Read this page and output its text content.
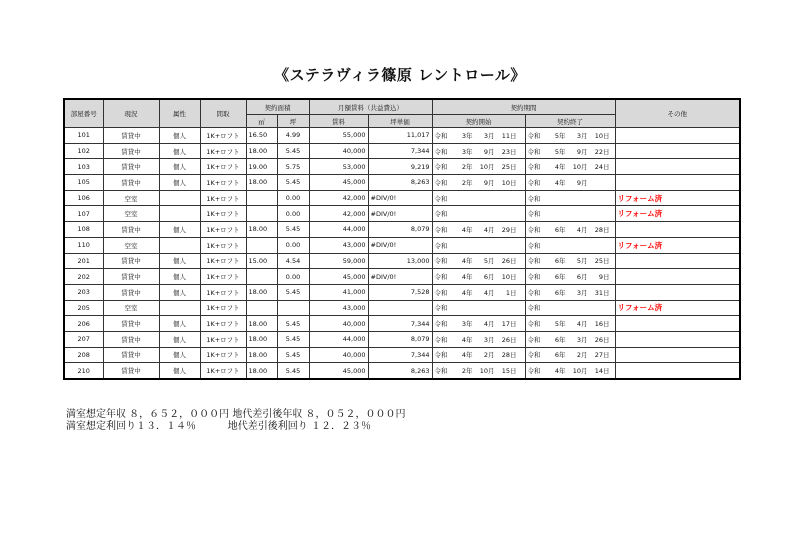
《ステラヴィラ篠原 レントロール》
部屋番号	現況	属性	間取	契約面積		月額賃料（共益費込）		契約期間		その他
				㎡	坪	賃料	坪単価	契約開始	契約終了	
101	賃貸中	個人	1K+ロフト	16.50	4.99	55,000	11,017	令和 3年 3月 11日	令和 5年 3月 10日	

102	賃貸中	個人	1K+ロフト	18.00	5.45	40,000	7,344	令和 3年 9月 23日	令和 5年 9月 22日	

103	賃貸中	個人	1K+ロフト	19.00	5.75	53,000	9,219	令和 2年 10月 25日	令和 4年 10月 24日	

105	賃貸中	個人	1K+ロフト	18.00	5.45	45,000	8,263	令和 2年 9月 10日	令和 4年 9月	

106	空室		1K+ロフト		0.00	42,000	#DIV/0!	令和	令和	リフォーム済
107	空室		1K+ロフト		0.00	42,000	#DIV/0!	令和	令和	リフォーム済
108	賃貸中	個人	1K+ロフト	18.00	5.45	44,000	8,079	令和 4年 4月 29日	令和 6年 4月 28日	

110	空室		1K+ロフト		0.00	43,000	#DIV/0!	令和	令和	リフォーム済
201	賃貸中	個人	1K+ロフト	15.00	4.54	59,000	13,000	令和 4年 5月 26日	令和 6年 5月 25日	

202	賃貸中	個人	1K+ロフト		0.00	45,000	#DIV/0!	令和 4年 6月 10日	令和 6年 6月 9日	

203	賃貸中	個人	1K+ロフト	18.00	5.45	41,000	7,528	令和 4年 4月 1日	令和 6年 3月 31日	

205	空室		1K+ロフト			43,000		令和	令和	リフォーム済
206	賃貸中	個人	1K+ロフト	18.00	5.45	40,000	7,344	令和 3年 4月 17日	令和 5年 4月 16日	

207	賃貸中	個人	1K+ロフト	18.00	5.45	44,000	8,079	令和 4年 3月 26日	令和 6年 3月 26日	

208	賃貸中	個人	1K+ロフト	18.00	5.45	40,000	7,344	令和 4年 2月 28日	令和 6年 2月 27日	

210	賃貸中	個人	1K+ロフト	18.00	5.45	45,000	8,263	令和 2年 10月 15日	令和 4年 10月 14日	

満室想定年収 ８，６５２，０００円 地代差引後年収 ８，０５２，０００円
満室想定利回り１３．１４％          地代差引後利回り １２．２３％
